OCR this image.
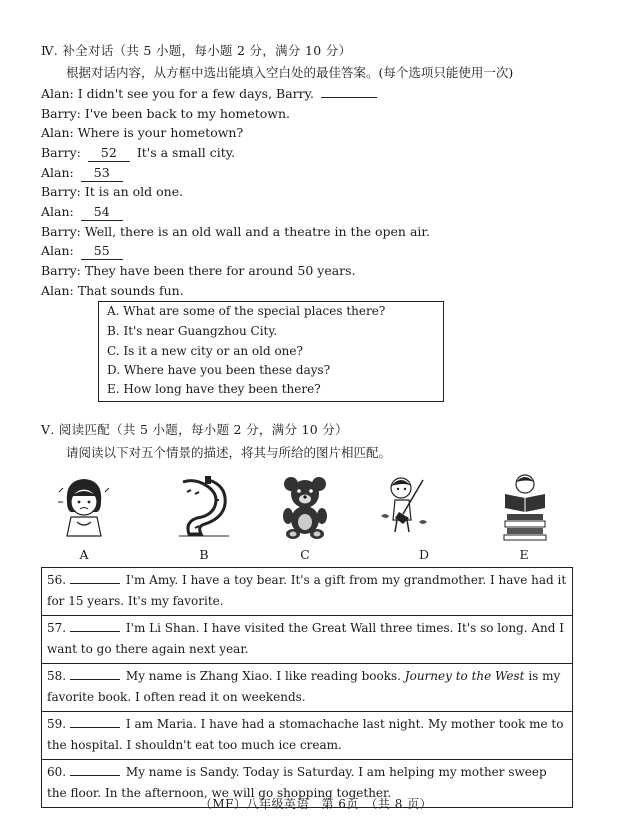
Ⅳ. 补全对话（共 5 小题，每小题 2 分，满分 10 分）
根据对话内容，从方框中选出能填入空白处的最佳答案。(每个选项只能使用一次)
Alan: I didn't see you for a few days, Barry.
Barry: I've been back to my hometown.
Alan: Where is your hometown?
Barry: 52 It's a small city.
Alan: 53
Barry: It is an old one.
Alan: 54
Barry: Well, there is an old wall and a theatre in the open air.
Alan: 55
Barry: They have been there for around 50 years.
Alan: That sounds fun.
A. What are some of the special places there?
B. It's near Guangzhou City.
C. Is it a new city or an old one?
D. Where have you been these days?
E. How long have they been there?
Ⅴ. 阅读匹配（共 5 小题，每小题 2 分，满分 10 分）
请阅读以下对五个情景的描述，将其与所给的图片相匹配。
A	B	C	D	E
56.	I'm Amy. I have a toy bear. It's a gift from my grandmother. I have had it for 15 years. It's my favorite.
57.	I'm Li Shan. I have visited the Great Wall three times. It's so long. And I want to go there again next year.
58.	My name is Zhang Xiao. I like reading books. Journey to the West is my favorite book. I often read it on weekends.
59.	I am Maria. I have had a stomachache last night. My mother took me to the hospital. I shouldn't eat too much ice cream.
60.	My name is Sandy. Today is Saturday. I am helping my mother sweep the floor. In the afternoon, we will go shopping together.
（MF）八年级英语　第 6页　（共 8 页）
